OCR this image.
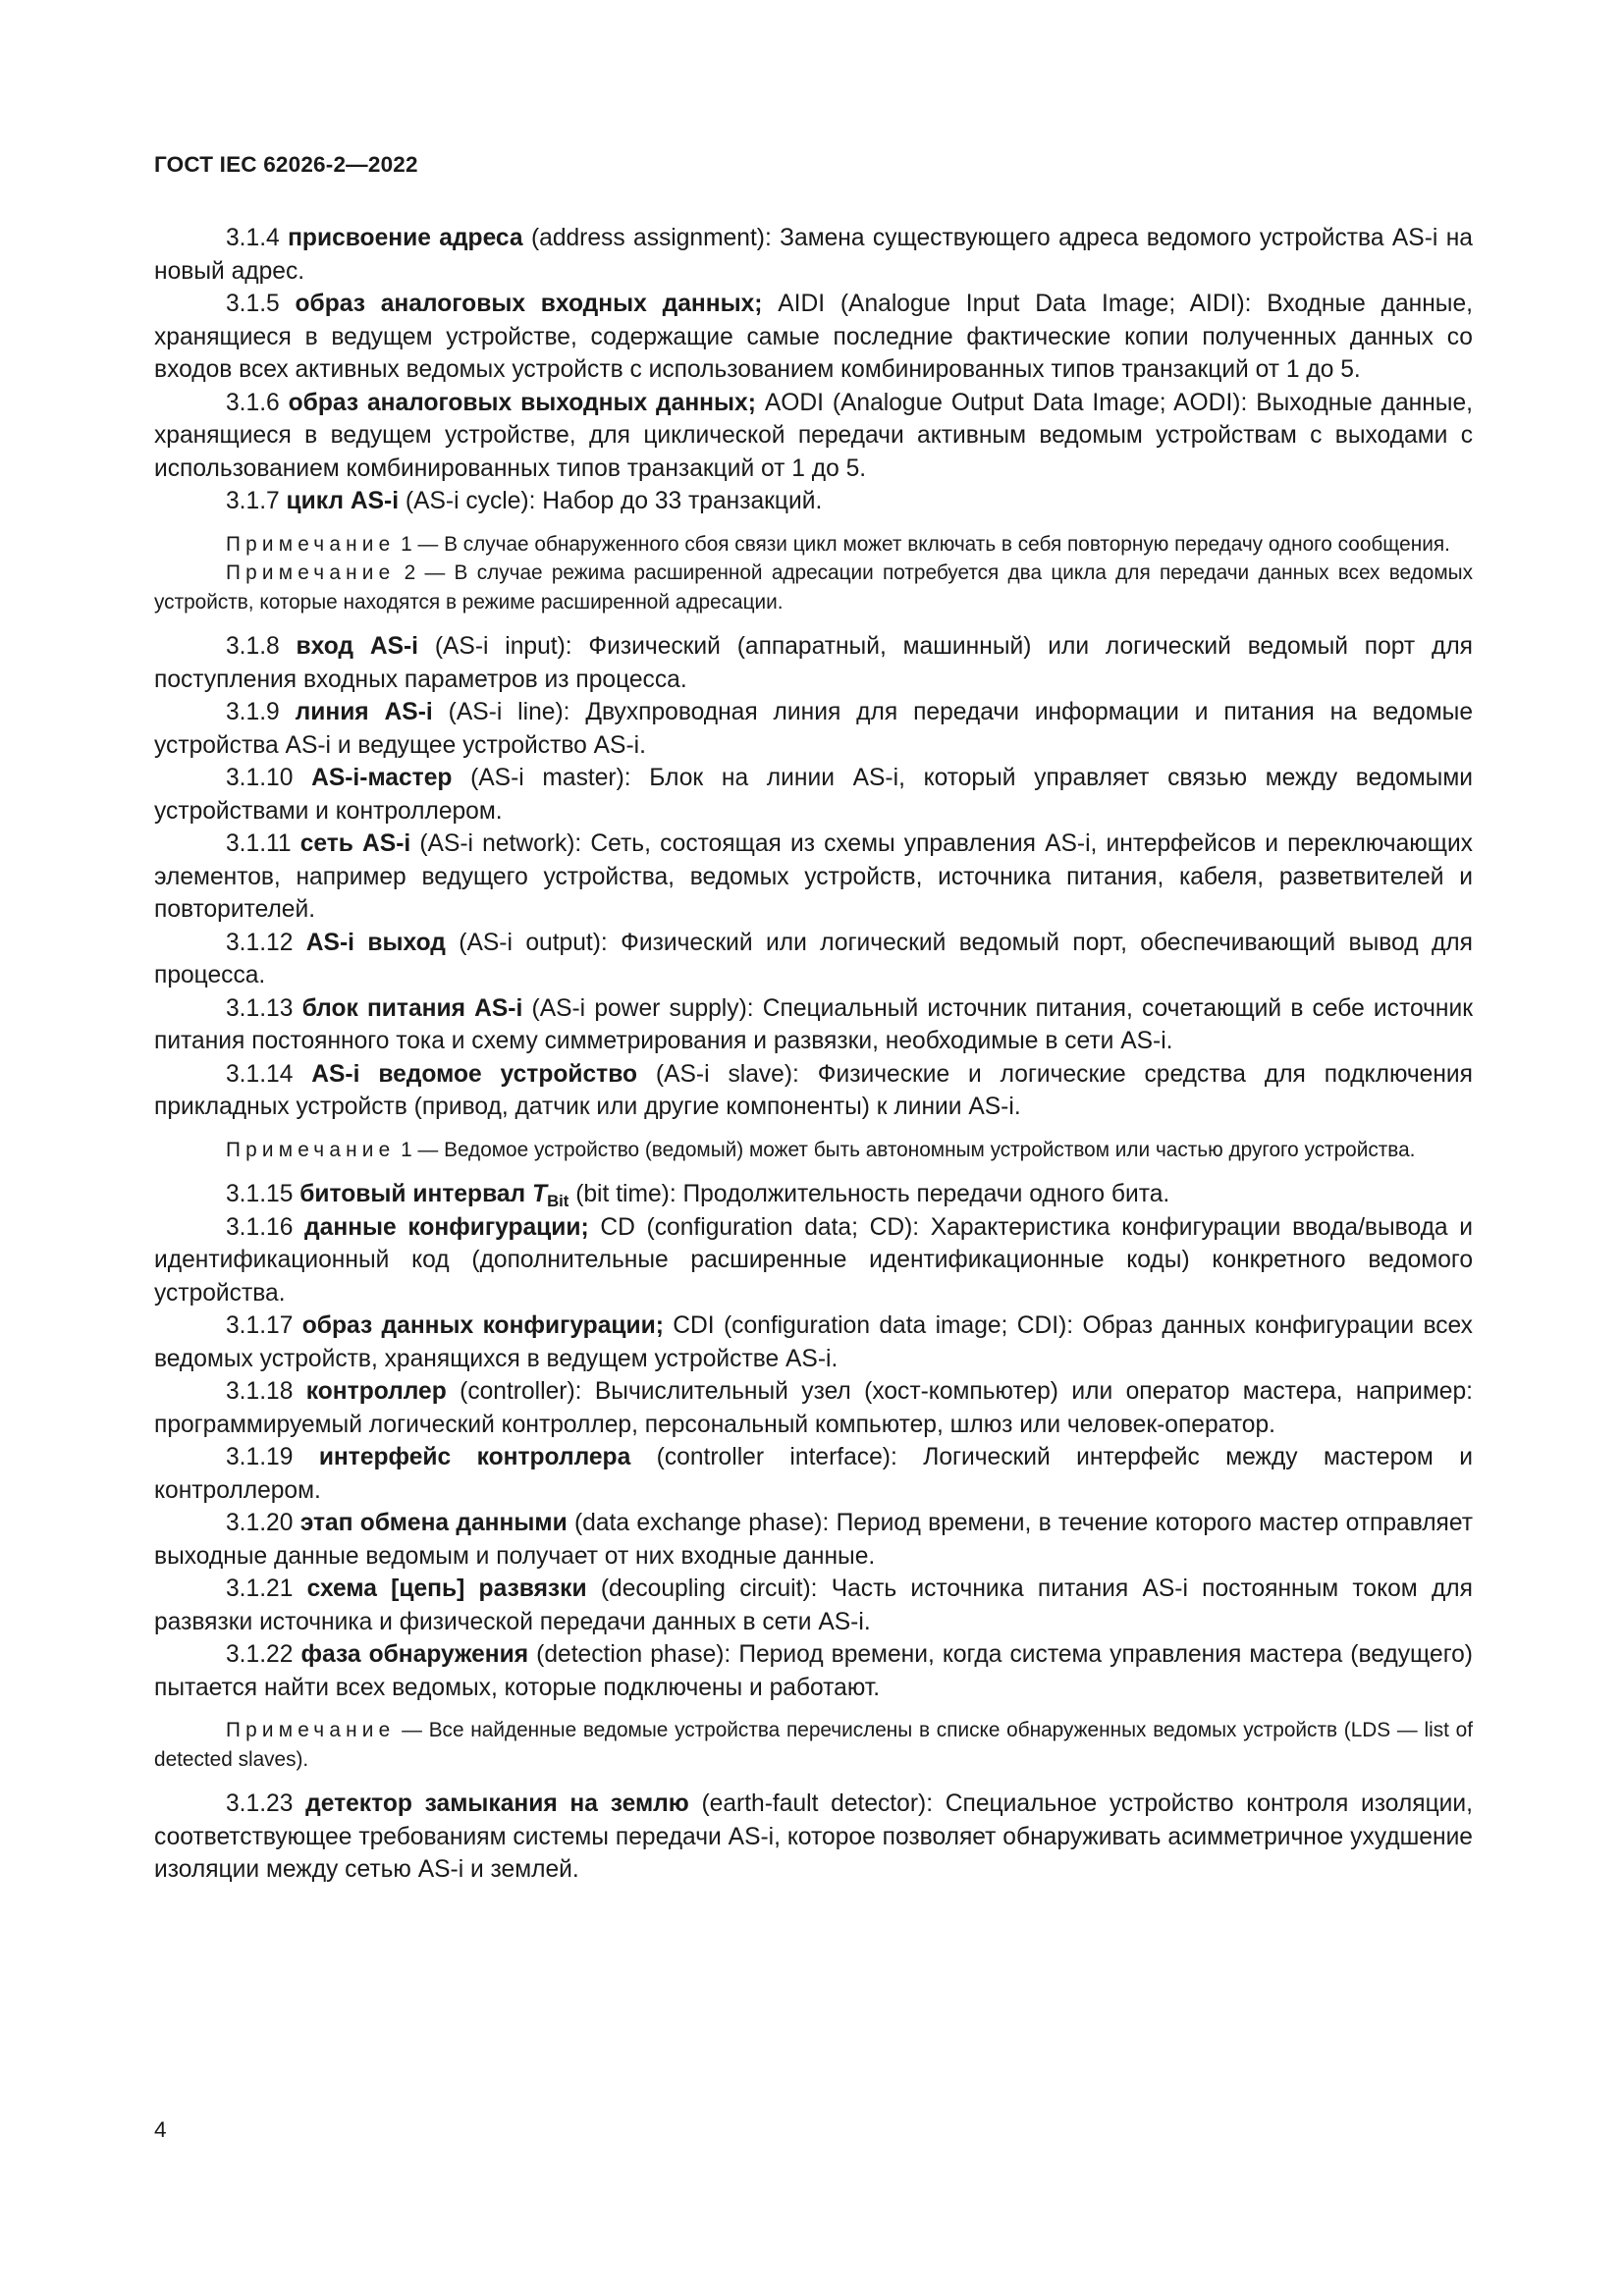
ГОСТ IEC 62026-2—2022

3.1.4 присвоение адреса (address assignment): Замена существующего адреса ведомого устройства AS-i на новый адрес.

3.1.5 образ аналоговых входных данных; AIDI (Analogue Input Data Image; AIDI): Входные данные, хранящиеся в ведущем устройстве, содержащие самые последние фактические копии полученных данных со входов всех активных ведомых устройств с использованием комбинированных типов транзакций от 1 до 5.

3.1.6 образ аналоговых выходных данных; AODI (Analogue Output Data Image; AODI): Выходные данные, хранящиеся в ведущем устройстве, для циклической передачи активным ведомым устройствам с выходами с использованием комбинированных типов транзакций от 1 до 5.

3.1.7 цикл AS-i (AS-i cycle): Набор до 33 транзакций.

Примечание 1 — В случае обнаруженного сбоя связи цикл может включать в себя повторную передачу одного сообщения.

Примечание 2 — В случае режима расширенной адресации потребуется два цикла для передачи данных всех ведомых устройств, которые находятся в режиме расширенной адресации.

3.1.8 вход AS-i (AS-i input): Физический (аппаратный, машинный) или логический ведомый порт для поступления входных параметров из процесса.

3.1.9 линия AS-i (AS-i line): Двухпроводная линия для передачи информации и питания на ведомые устройства AS-i и ведущее устройство AS-i.

3.1.10 AS-i-мастер (AS-i master): Блок на линии AS-i, который управляет связью между ведомыми устройствами и контроллером.

3.1.11 сеть AS-i (AS-i network): Сеть, состоящая из схемы управления AS-i, интерфейсов и переключающих элементов, например ведущего устройства, ведомых устройств, источника питания, кабеля, разветвителей и повторителей.

3.1.12 AS-i выход (AS-i output): Физический или логический ведомый порт, обеспечивающий вывод для процесса.

3.1.13 блок питания AS-i (AS-i power supply): Специальный источник питания, сочетающий в себе источник питания постоянного тока и схему симметрирования и развязки, необходимые в сети AS-i.

3.1.14 AS-i ведомое устройство (AS-i slave): Физические и логические средства для подключения прикладных устройств (привод, датчик или другие компоненты) к линии AS-i.

Примечание 1 — Ведомое устройство (ведомый) может быть автономным устройством или частью другого устройства.

3.1.15 битовый интервал $T_{Bit}$ (bit time): Продолжительность передачи одного бита.

3.1.16 данные конфигурации; CD (configuration data; CD): Характеристика конфигурации ввода/вывода и идентификационный код (дополнительные расширенные идентификационные коды) конкретного ведомого устройства.

3.1.17 образ данных конфигурации; CDI (configuration data image; CDI): Образ данных конфигурации всех ведомых устройств, хранящихся в ведущем устройстве AS-i.

3.1.18 контроллер (controller): Вычислительный узел (хост-компьютер) или оператор мастера, например: программируемый логический контроллер, персональный компьютер, шлюз или человек-оператор.

3.1.19 интерфейс контроллера (controller interface): Логический интерфейс между мастером и контроллером.

3.1.20 этап обмена данными (data exchange phase): Период времени, в течение которого мастер отправляет выходные данные ведомым и получает от них входные данные.

3.1.21 схема [цепь] развязки (decoupling circuit): Часть источника питания AS-i постоянным током для развязки источника и физической передачи данных в сети AS-i.

3.1.22 фаза обнаружения (detection phase): Период времени, когда система управления мастера (ведущего) пытается найти всех ведомых, которые подключены и работают.

Примечание — Все найденные ведомые устройства перечислены в списке обнаруженных ведомых устройств (LDS — list of detected slaves).

3.1.23 детектор замыкания на землю (earth-fault detector): Специальное устройство контроля изоляции, соответствующее требованиям системы передачи AS-i, которое позволяет обнаруживать асимметричное ухудшение изоляции между сетью AS-i и землей.

4
